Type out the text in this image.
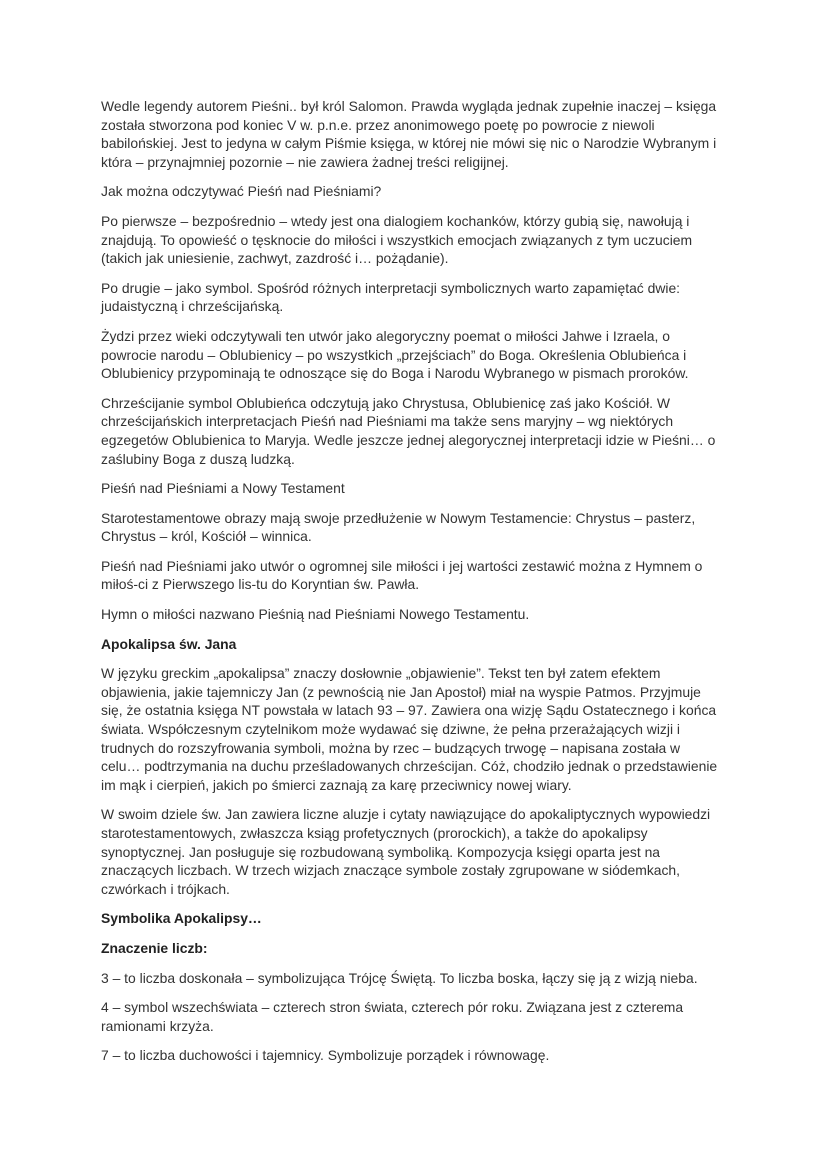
Wedle legendy autorem Pieśni.. był król Salomon. Prawda wygląda jednak zupełnie inaczej – księga została stworzona pod koniec V w. p.n.e. przez anonimowego poetę po powrocie z niewoli babilońskiej. Jest to jedyna w całym Piśmie księga, w której nie mówi się nic o Narodzie Wybranym i która – przynajmniej pozornie – nie zawiera żadnej treści religijnej.

Jak można odczytywać Pieśń nad Pieśniami?

Po pierwsze – bezpośrednio – wtedy jest ona dialogiem kochanków, którzy gubią się, nawołują i znajdują. To opowieść o tęsknocie do miłości i wszystkich emocjach związanych z tym uczuciem (takich jak uniesienie, zachwyt, zazdrość i… pożądanie).

Po drugie – jako symbol. Spośród różnych interpretacji symbolicznych warto zapamiętać dwie: judaistyczną i chrześcijańską.

Żydzi przez wieki odczytywali ten utwór jako alegoryczny poemat o miłości Jahwe i Izraela, o powrocie narodu – Oblubienicy – po wszystkich „przejściach” do Boga. Określenia Oblubieńca i Oblubienicy przypominają te odnoszące się do Boga i Narodu Wybranego w pismach proroków.

Chrześcijanie symbol Oblubieńca odczytują jako Chrystusa, Oblubienicę zaś jako Kościół. W chrześcijańskich interpretacjach Pieśń nad Pieśniami ma także sens maryjny – wg niektórych egzegetów Oblubienica to Maryja. Wedle jeszcze jednej alegorycznej interpretacji idzie w Pieśni… o zaślubiny Boga z duszą ludzką.

Pieśń nad Pieśniami a Nowy Testament

Starotestamentowe obrazy mają swoje przedłużenie w Nowym Testamencie: Chrystus – pasterz, Chrystus – król, Kościół – winnica.

Pieśń nad Pieśniami jako utwór o ogromnej sile miłości i jej wartości zestawić można z Hymnem o miłoś-ci z Pierwszego lis-tu do Koryntian św. Pawła.

Hymn o miłości nazwano Pieśnią nad Pieśniami Nowego Testamentu.

Apokalipsa św. Jana

W języku greckim „apokalipsa” znaczy dosłownie „objawienie”. Tekst ten był zatem efektem objawienia, jakie tajemniczy Jan (z pewnością nie Jan Apostoł) miał na wyspie Patmos. Przyjmuje się, że ostatnia księga NT powstała w latach 93 – 97. Zawiera ona wizję Sądu Ostatecznego i końca świata. Współczesnym czytelnikom może wydawać się dziwne, że pełna przerażających wizji i trudnych do rozszyfrowania symboli, można by rzec – budzących trwogę – napisana została w celu… podtrzymania na duchu prześladowanych chrześcijan. Cóż, chodziło jednak o przedstawienie im mąk i cierpień, jakich po śmierci zaznają za karę przeciwnicy nowej wiary.

W swoim dziele św. Jan zawiera liczne aluzje i cytaty nawiązujące do apokaliptycznych wypowiedzi starotestamentowych, zwłaszcza ksiąg profetycznych (prorockich), a także do apokalipsy synoptycznej. Jan posługuje się rozbudowaną symboliką. Kompozycja księgi oparta jest na znaczących liczbach. W trzech wizjach znaczące symbole zostały zgrupowane w siódemkach, czwórkach i trójkach.

Symbolika Apokalipsy…

Znaczenie liczb:

3 – to liczba doskonała – symbolizująca Trójcę Świętą. To liczba boska, łączy się ją z wizją nieba.

4 – symbol wszechświata – czterech stron świata, czterech pór roku. Związana jest z czterema ramionami krzyża.

7 – to liczba duchowości i tajemnicy. Symbolizuje porządek i równowagę.
